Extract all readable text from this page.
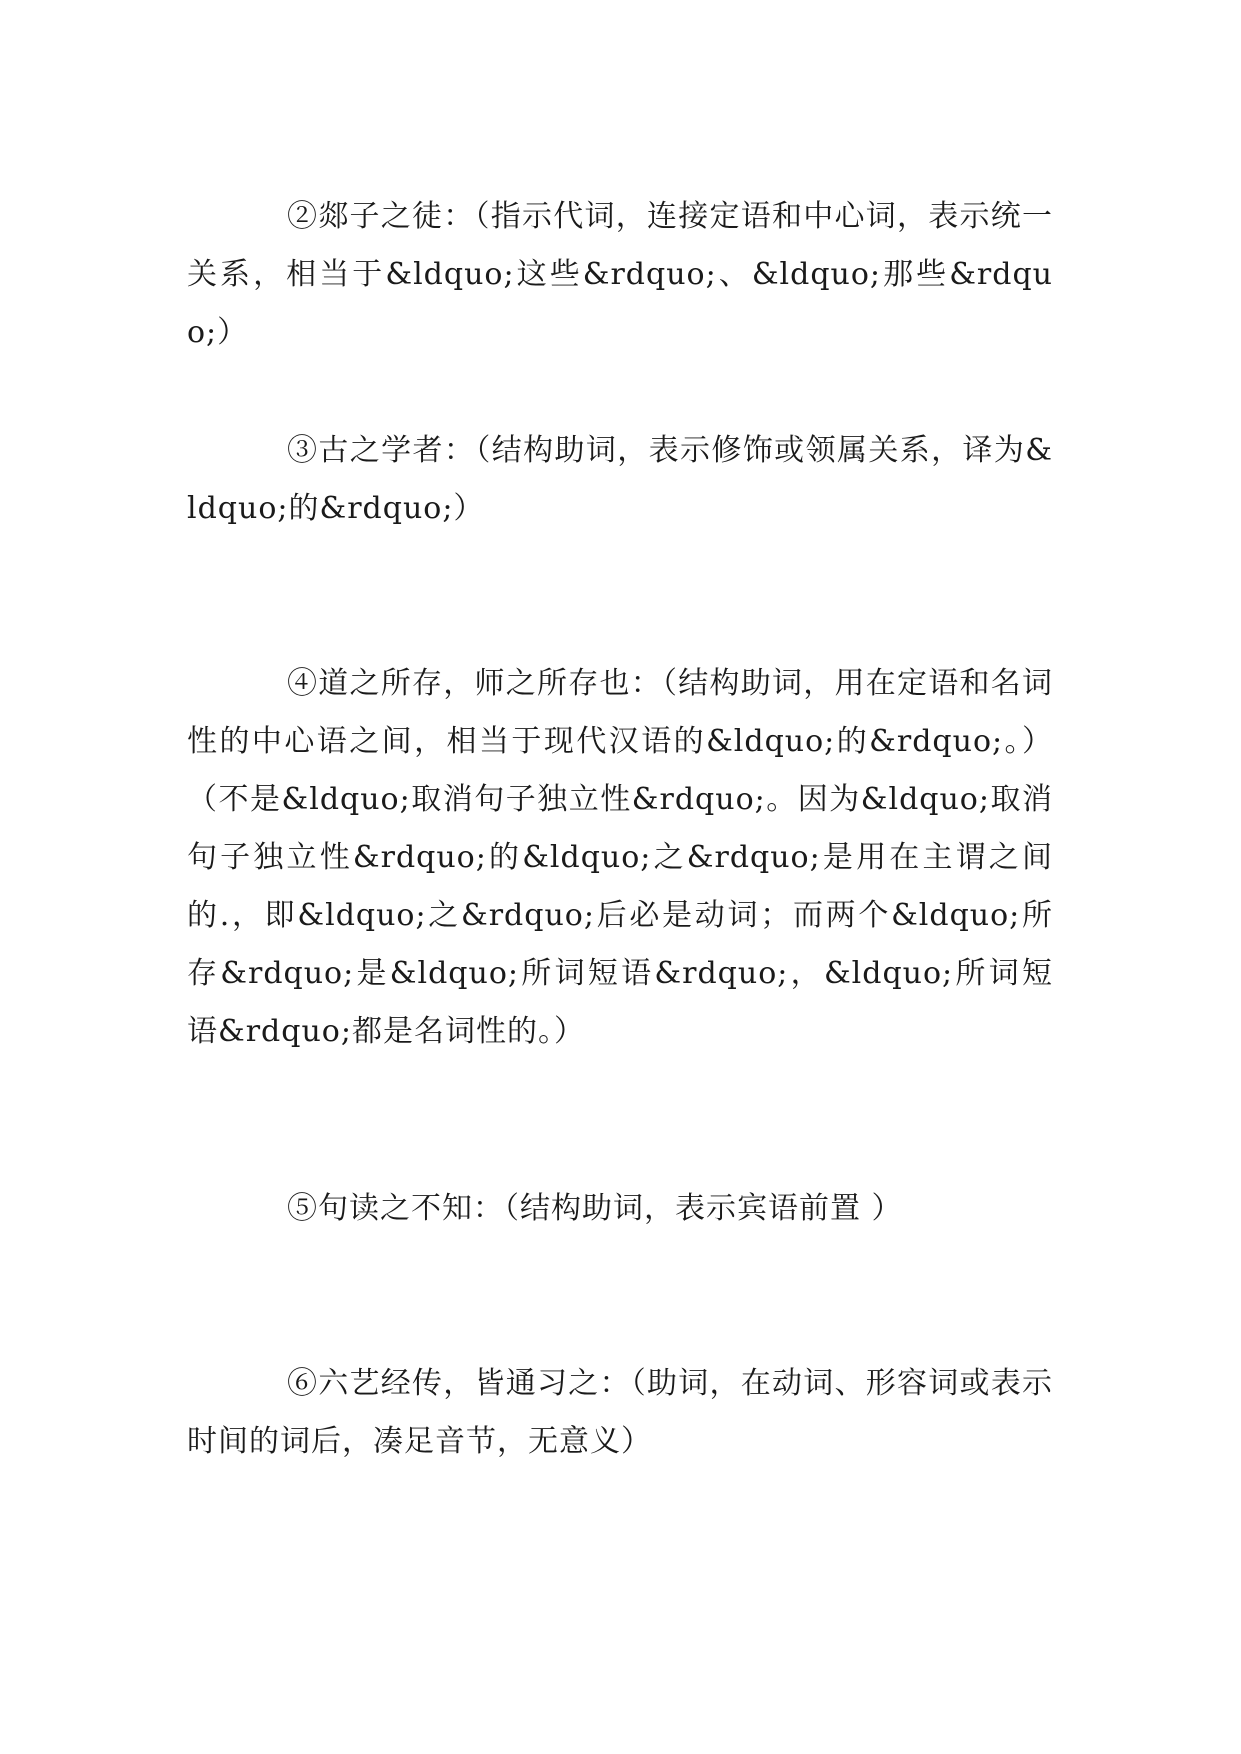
②郯子之徒：（指示代词，连接定语和中心词，表示统一关系，相当于&ldquo;这些&rdquo;、&ldquo;那些&rdquo;）

③古之学者：（结构助词，表示修饰或领属关系，译为&ldquo;的&rdquo;）

④道之所存，师之所存也：（结构助词，用在定语和名词性的中心语之间，相当于现代汉语的&ldquo;的&rdquo;。）（不是&ldquo;取消句子独立性&rdquo;。因为&ldquo;取消句子独立性&rdquo;的&ldquo;之&rdquo;是用在主谓之间的.，即&ldquo;之&rdquo;后必是动词；而两个&ldquo;所存&rdquo;是&ldquo;所词短语&rdquo;，&ldquo;所词短语&rdquo;都是名词性的。）

⑤句读之不知：（结构助词，表示宾语前置 ）

⑥六艺经传，皆通习之：（助词，在动词、形容词或表示时间的词后，凑足音节，无意义）
